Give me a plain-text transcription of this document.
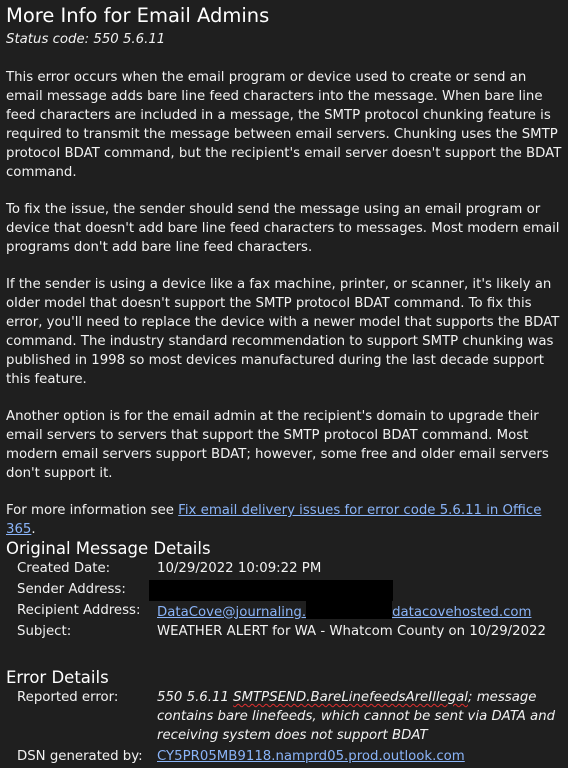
More Info for Email Admins

Status code: 550 5.6.11

This error occurs when the email program or device used to create or send an email message adds bare line feed characters into the message. When bare line feed characters are included in a message, the SMTP protocol chunking feature is required to transmit the message between email servers. Chunking uses the SMTP protocol BDAT command, but the recipient's email server doesn't support the BDAT command.

To fix the issue, the sender should send the message using an email program or device that doesn't add bare line feed characters to messages. Most modern email programs don't add bare line feed characters.

If the sender is using a device like a fax machine, printer, or scanner, it's likely an older model that doesn't support the SMTP protocol BDAT command. To fix this error, you'll need to replace the device with a newer model that supports the BDAT command. The industry standard recommendation to support SMTP chunking was published in 1998 so most devices manufactured during the last decade support this feature.

Another option is for the email admin at the recipient's domain to upgrade their email servers to servers that support the SMTP protocol BDAT command. Most modern email servers support BDAT; however, some free and older email servers don't support it.

For more information see Fix email delivery issues for error code 5.6.11 in Office 365.

Original Message Details
Created Date:	10/29/2022 10:09:22 PM
Sender Address:
Recipient Address:	DataCove@journaling.	datacovehosted.com
Subject:	WEATHER ALERT for WA - Whatcom County on 10/29/2022
Error Details
Reported error:	550 5.6.11 SMTPSEND.BareLinefeedsAreIllegal; message contains bare linefeeds, which cannot be sent via DATA and receiving system does not support BDAT
DSN generated by:	CY5PR05MB9118.namprd05.prod.outlook.com
